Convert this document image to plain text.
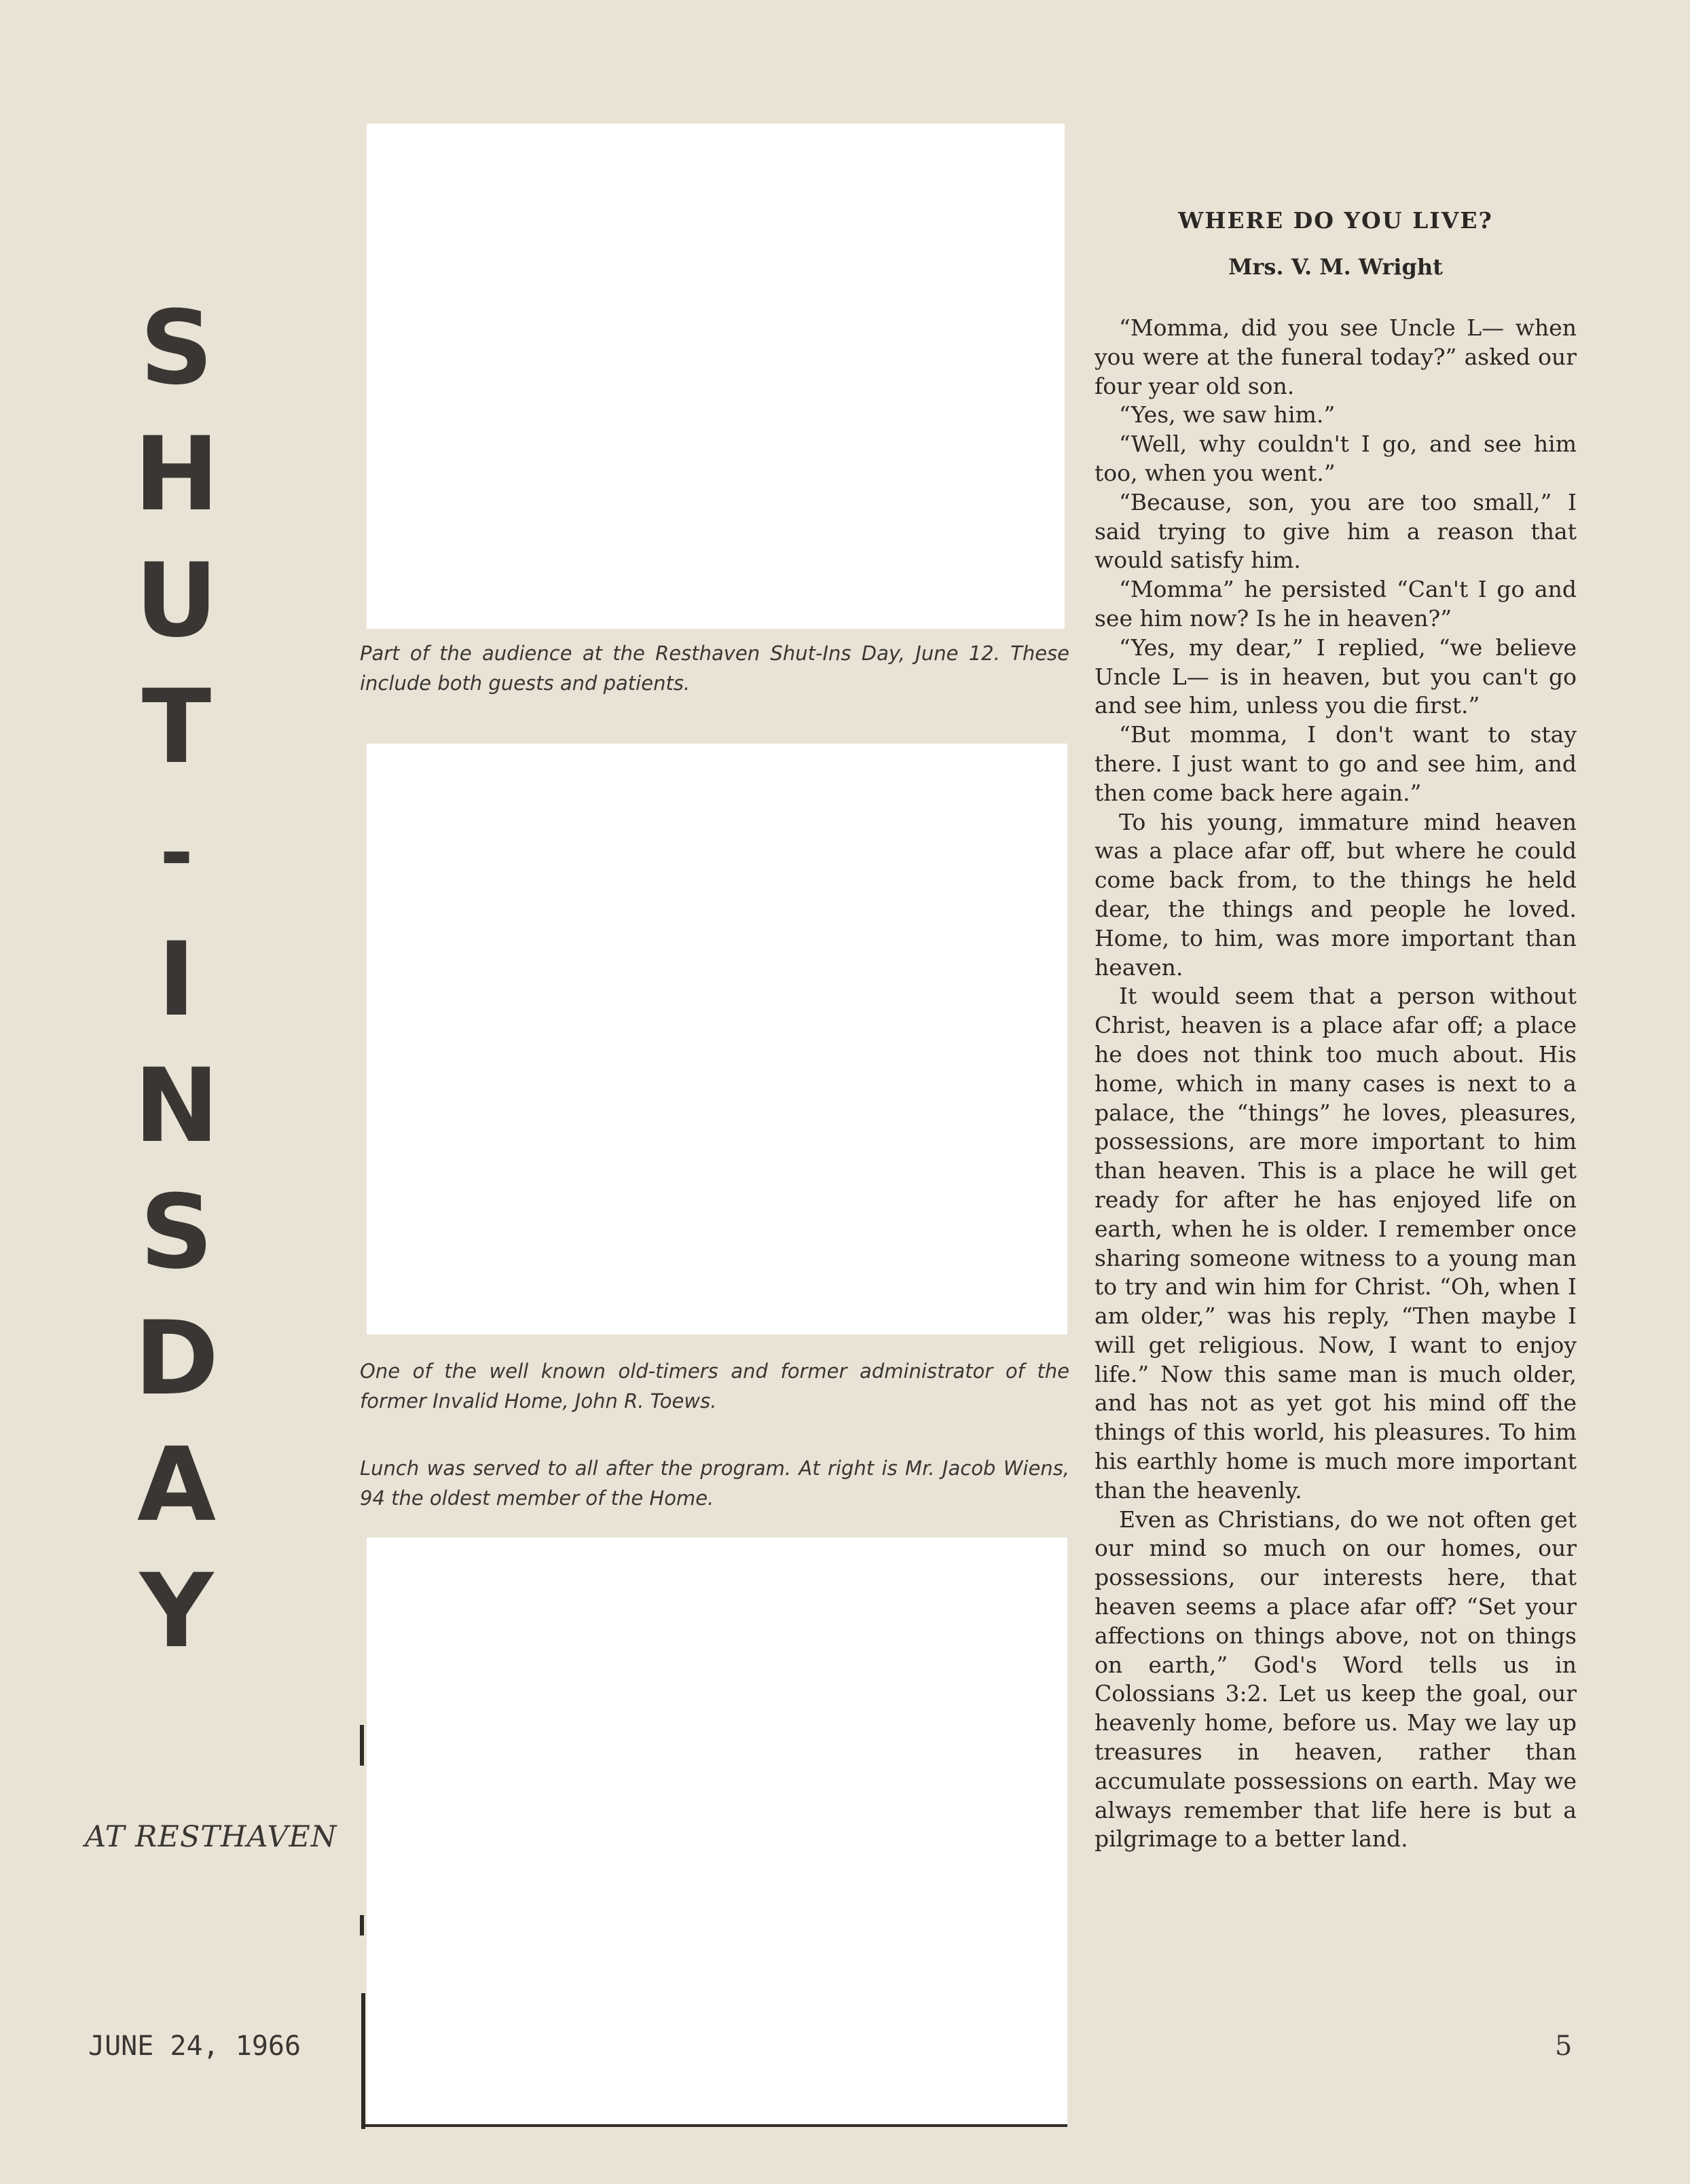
S
H
U
T
-
I
N
S
D
A
Y
AT RESTHAVEN
JUNE 24, 1966	5
Part of the audience at the Resthaven Shut-Ins Day, June 12. These include both guests and patients.
One of the well known old-timers and former administrator of the former Invalid Home, John R. Toews.
Lunch was served to all after the program. At right is Mr. Jacob Wiens, 94 the oldest member of the Home.
WHERE DO YOU LIVE?
Mrs. V. M. Wright

“Momma, did you see Uncle L— when you were at the funeral today?” asked our four year old son.

“Yes, we saw him.”

“Well, why couldn't I go, and see him too, when you went.”

“Because, son, you are too small,” I said trying to give him a reason that would satisfy him.

“Momma” he persisted “Can't I go and see him now? Is he in heaven?”

“Yes, my dear,” I replied, “we believe Uncle L— is in heaven, but you can't go and see him, unless you die first.”

“But momma, I don't want to stay there. I just want to go and see him, and then come back here again.”

To his young, immature mind heaven was a place afar off, but where he could come back from, to the things he held dear, the things and people he loved. Home, to him, was more important than heaven.

It would seem that a person without Christ, heaven is a place afar off; a place he does not think too much about. His home, which in many cases is next to a palace, the “things” he loves, pleasures, possessions, are more important to him than heaven. This is a place he will get ready for after he has enjoyed life on earth, when he is older. I remember once sharing someone witness to a young man to try and win him for Christ. “Oh, when I am older,” was his reply, “Then maybe I will get religious. Now, I want to enjoy life.” Now this same man is much older, and has not as yet got his mind off the things of this world, his pleasures. To him his earthly home is much more important than the heavenly.

Even as Christians, do we not often get our mind so much on our homes, our possessions, our interests here, that heaven seems a place afar off? “Set your affections on things above, not on things on earth,” God's Word tells us in Colossians 3:2. Let us keep the goal, our heavenly home, before us. May we lay up treasures in heaven, rather than accumulate possessions on earth. May we always remember that life here is but a pilgrimage to a better land.
